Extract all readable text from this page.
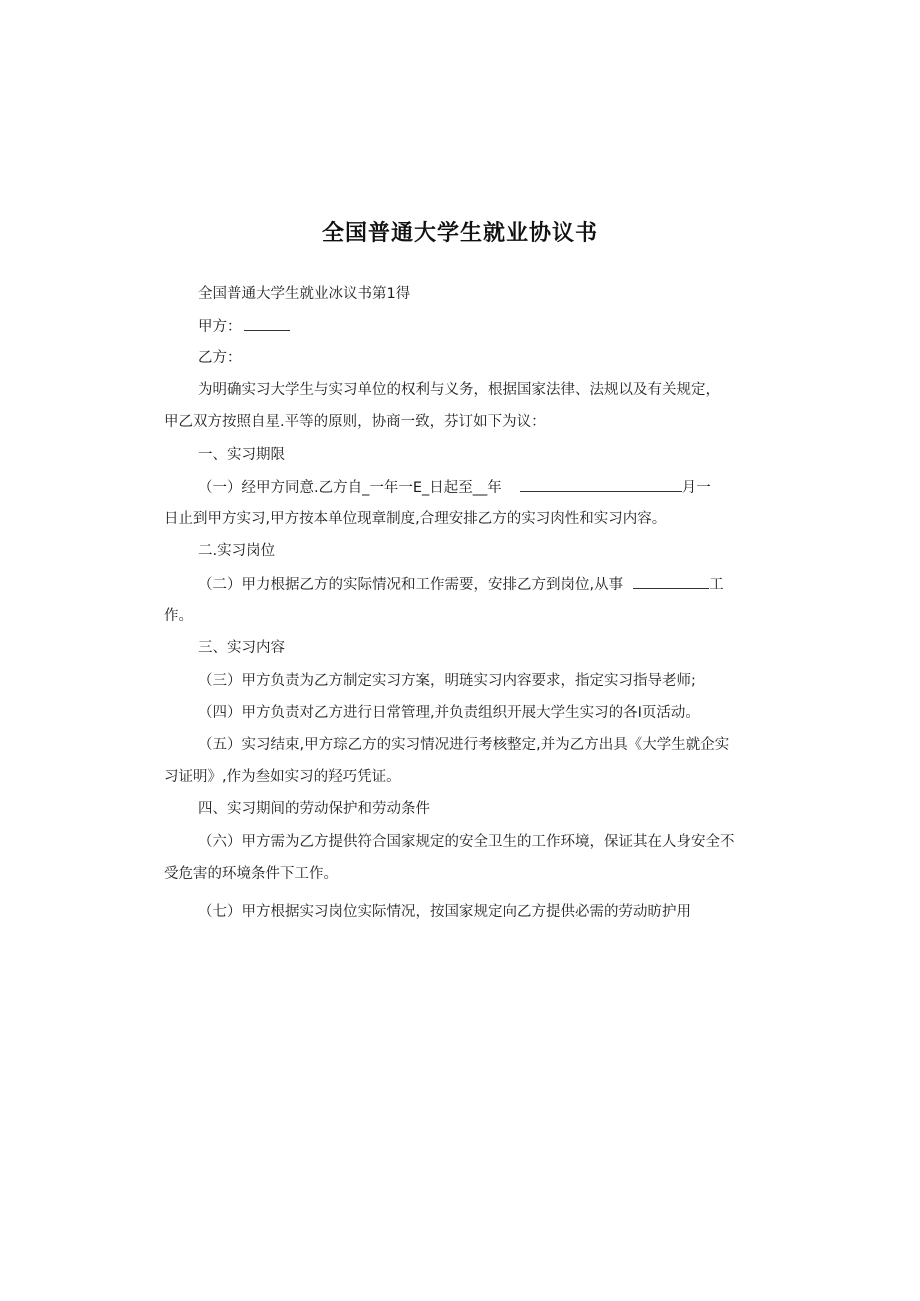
全国普通大学生就业协议书
全国普通大学生就业冰议书第1得
甲方：
乙方：
为明确实习大学生与实习单位的权利与义务，根据国家法律、法规以及有关规定，
甲乙双方按照自星.平等的原则，协商一致，芬订如下为议：
一、实习期限
（一）经甲方同意.乙方自_一年一E_日起至__年	月一
日止到甲方实习,甲方按本单位现章制度,合理安排乙方的实习肉性和实习内容。
二.实习岗位
（二）甲力根据乙方的实际情况和工作需要，安排乙方到岗位,从事	工
作。
三、实习内容
（三）甲方负责为乙方制定实习方案，明琏实习内容要求，指定实习指导老师;
（四）甲方负责对乙方进行日常管理,并负责组织开展大学生实习的各I页活动。
（五）实习结束,甲方琮乙方的实习情况进行考核整定,并为乙方出具《大学生就企实
习证明》,作为叁如实习的羟巧凭证。
四、实习期间的劳动保护和劳动条件
（六）甲方需为乙方提供符合国家规定的安全卫生的工作环境，保证其在人身安全不
受危害的环境条件下工作。
（七）甲方根据实习岗位实际情况，按国家规定向乙方提供必需的劳动昉护用
